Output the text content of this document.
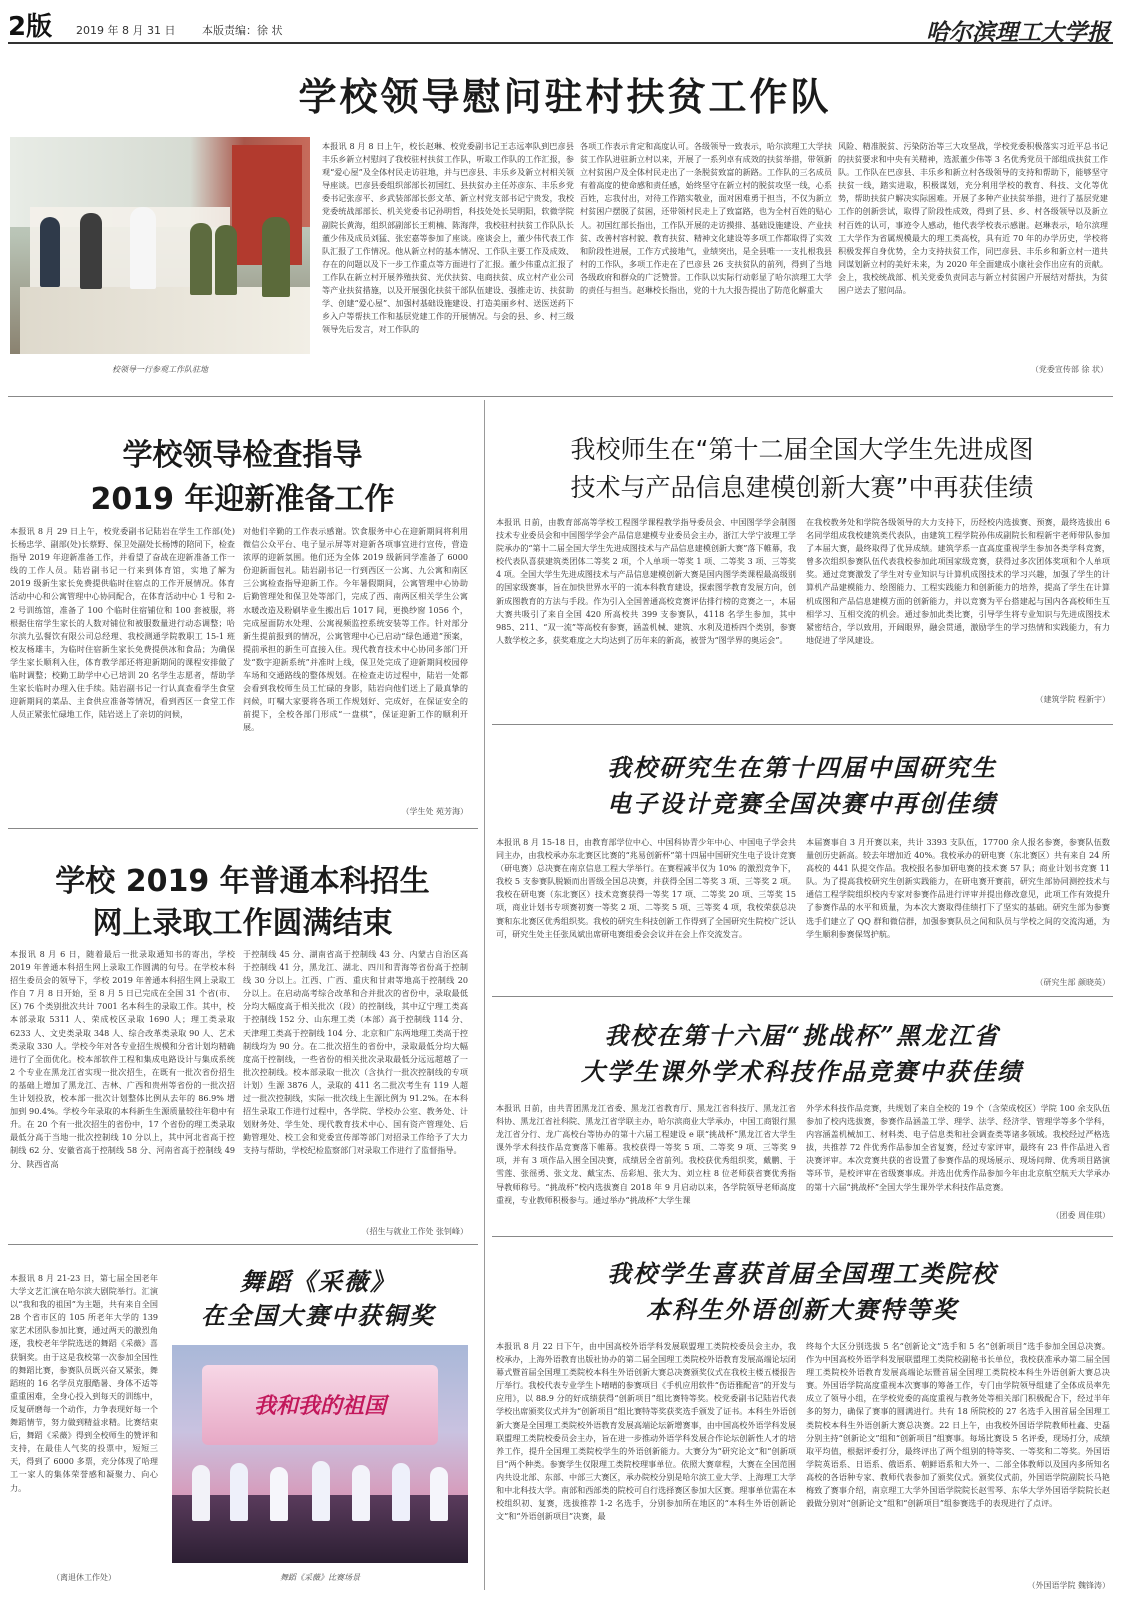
2版 2019 年 8 月 31 日 本版责编：徐 状	哈尔滨理工大学报
学校领导慰问驻村扶贫工作队
校领导一行参观工作队驻地
本报讯 8 月 8 日上午，校长赵琳、校党委副书记王志远率队到巴彦县丰乐乡新立村慰问了我校驻村扶贫工作队，听取工作队的工作汇报，参观“爱心屋”及全体村民走访驻地，并与巴彦县、丰乐乡及新立村相关领导座谈。巴彦县委组织部部长初国红、县扶贫办主任苏彦东、丰乐乡党委书记张彦平、乡武装部部长彭文革、新立村党支部书记宁贵发，我校党委统战部部长、机关党委书记孙明哲，科技处处长吴明阳，软微学院副院长黄海，组织部副部长王莉楠、陈海萍，我校驻村扶贫工作队队长董少伟及成员刘猛、张宏嘉等参加了座谈。座谈会上，董少伟代表工作队汇报了工作情况。他从新立村的基本情况、工作队主要工作及成效、存在的问题以及下一步工作重点等方面进行了汇报。董少伟重点汇报了工作队在新立村开展养殖扶贫、光伏扶贫、电商扶贫、成立村产业公司等产业扶贫措施，以及开展强化扶贫干部队伍建设、强推走访、扶贫助学、创建“爱心屋”、加强村基础设施建设、打造美丽乡村、送医送药下乡入户等帮扶工作和基层党建工作的开展情况。与会的县、乡、村三级领导先后发言，对工作队的
各项工作表示肯定和高度认可。各级领导一致表示，哈尔滨理工大学扶贫工作队进驻新立村以来，开展了一系列卓有成效的扶贫举措，带领新立村贫困户及全体村民走出了一条脱贫致富的新路。工作队的三名成员有着高度的使命感和责任感，始终坚守在新立村的脱贫攻坚一线，心系百姓，忘我付出，对待工作踏实敬业，面对困难勇于担当，不仅为新立村贫困户摆脱了贫困，还带领村民走上了致富路，也为全村百姓的贴心人。初国红部长指出，工作队开展的走访摸排、基础设施建设、产业扶贫、改善村容村貌、教育扶贫、精神文化建设等多项工作都取得了实效和阶段性进展，工作方式接地气，业绩突出，是全县唯一一支扎根我县村的工作队，多项工作走在了巴彦县 26 支扶贫队的前列，得到了当地各级政府和群众的广泛赞誉。工作队以实际行动彰显了哈尔滨理工大学的责任与担当。赵琳校长指出，党的十九大报告提出了防范化解重大
风险、精准脱贫、污染防治等三大攻坚战，学校党委积极落实习近平总书记的扶贫要求和中央有关精神，选派董少伟等 3 名优秀党员干部组成扶贫工作队。工作队在巴彦县、丰乐乡和新立村各级领导的支持和帮助下，能够坚守扶贫一线，踏实进取，积极谋划，充分利用学校的教育、科技、文化等优势，帮助扶贫户解决实际困难。开展了多种产业扶贫举措，进行了基层党建工作的创新尝试，取得了阶段性成效，得到了县、乡、村各级领导以及新立村百姓的认可，事迹令人感动，他代表学校表示感谢。赵琳表示，哈尔滨理工大学作为省属规模最大的理工类高校，具有近 70 年的办学历史，学校将积极发挥自身优势，全力支持扶贫工作，同巴彦县、丰乐乡和新立村一道共同谋划新立村的美好未来，为 2020 年全面建成小康社会作出应有的贡献。会上，我校统战部、机关党委负责同志与新立村贫困户开展结对帮扶，为贫困户送去了慰问品。
（党委宣传部 徐 状）
学校领导检查指导
2019 年迎新准备工作
本报讯 8 月 29 日上午，校党委副书记陆岩在学生工作部(处)长杨忠学、副部(处)长蔡野、保卫处副处长杨博的陪同下，检查指导 2019 年迎新准备工作，并看望了奋战在迎新准备工作一线的工作人员。陆岩副书记一行来到体育馆，实地了解为 2019 级新生家长免费提供临时住宿点的工作开展情况。体育活动中心和公寓管理中心协同配合，在体育活动中心 1 号和 2-2 号训练馆，准备了 100 个临时住宿铺位和 100 套被服，将根据住宿学生家长的人数对铺位和被服数量进行动态调整；哈尔滨九弘餐饮有限公司总经理、我校测通学院教职工 15-1 班校友杨雄丰，为临时住宿新生家长免费提供冰和食品；为确保学生家长顺利入住，体育教学部还将迎新期间的课程安排做了临时调整；校勤工助学中心已培训 20 名学生志愿者，帮助学生家长临时办理入住手续。陆岩副书记一行认真查看学生食堂迎新期间的菜品、主食供应准备等情况，看到西区一食堂工作人员正紧张忙碌地工作，陆岩送上了亲切的问候，
对他们辛勤的工作表示感谢。饮食服务中心在迎新期间将利用微信公众平台、电子显示屏等对迎新各项事宜进行宣传，营造浓厚的迎新氛围。他们还为全体 2019 级新同学准备了 6000 份迎新面包礼。陆岩副书记一行到西区一公寓、九公寓和南区三公寓检查指导迎新工作。今年暑假期间，公寓管理中心协助后勤管理处和保卫处等部门，完成了西、南两区相关学生公寓水暖改造及粉刷毕业生搬出后 1017 间，更换纱窗 1056 个，完成屋面防水处理、公寓视频监控系统安装等工作。针对部分新生提前报到的情况，公寓管理中心已启动“绿色通道”预案，提前承担的新生可直接入住。现代教育技术中心协同多部门开发“数字迎新系统”并准时上线，保卫处完成了迎新期间校园停车场和交通路线的整体规划。在检查走访过程中，陆岩一处都会看到我校师生员工忙碌的身影，陆岩向他们送上了最真挚的问候，叮嘱大家要将各项工作规划好、完成好，在保证安全的前提下，全校各部门形成“一盘棋”，保证迎新工作的顺利开展。
（学生处 苑芳海）
学校 2019 年普通本科招生
网上录取工作圆满结束
本报讯 8 月 6 日，随着最后一批录取通知书的寄出，学校 2019 年普通本科招生网上录取工作圆满的句号。在学校本科招生委员会的领导下，学校 2019 年普通本科招生网上录取工作自 7 月 8 日开始，至 8 月 5 日已完成在全国 31 个省(市、区) 76 个类别批次共计 7001 名本科生的录取工作。其中，校本部录取 5311 人、荣成校区录取 1690 人；理工类录取 6233 人、文史类录取 348 人、综合改革类录取 90 人、艺术类录取 330 人。学校今年对各专业招生规模和分省计划均精确进行了全面优化。校本部软件工程和集成电路设计与集成系统 2 个专业在黑龙江省实现一批次招生，在既有一批次省份招生的基础上增加了黑龙江、吉林、广西和贵州等省份的一批次招生计划投放，校本部一批次计划整体比例从去年的 86.9% 增加到 90.4%。学校今年录取的本科新生生源质量较往年稳中有升。在 20 个有一批次招生的省份中，17 个省份的理工类录取最低分高于当地一批次控制线 10 分以上，其中河北省高于控制线 62 分、安徽省高于控制线 58 分、河南省高于控制线 49 分、陕西省高
于控制线 45 分、湖南省高于控制线 43 分、内蒙古自治区高于控制线 41 分，黑龙江、湖北、四川和青海等省份高于控制线 30 分以上。江西、广西、重庆和甘肃等地高于控制线 20 分以上。在启动高考综合改革和合并批次的省份中，录取最低分均大幅度高于相关批次（段）的控制线，其中辽宁理工类高于控制线 152 分、山东理工类（本部）高于控制线 114 分、天津理工类高于控制线 104 分、北京和广东两地理工类高于控制线均为 90 分。在二批次招生的省份中，录取最低分均大幅度高于控制线，一些省份的相关批次录取最低分远远超越了一批次控制线。校本部录取一批次（含执行一批次控制线的专项计划）生源 3876 人，录取的 411 名二批次考生有 119 人超过一批次控制线，实际一批次线上生源比例为 91.2%。在本科招生录取工作进行过程中，各学院、学校办公室、教务处、计划财务处、学生处、现代教育技术中心、国有资产管理处、后勤管理处、校工会和党委宣传部等部门对招录工作给予了大力支持与帮助，学校纪检监察部门对录取工作进行了监督指导。
（招生与就业工作处 张钊峰）
本报讯 8 月 21-23 日，第七届全国老年大学文艺汇演在哈尔滨大剧院举行。汇演以“我和我的祖国”为主题，共有来自全国 28 个省市区的 105 所老年大学的 139 家艺术团队参加比赛，通过两天的激烈角逐，我校老年学院选送的舞蹈《采薇》喜获铜奖。由于这是我校第一次参加全国性的舞蹈比赛，参赛队员既兴奋又紧张，舞蹈班的 16 名学员克服酷暑、身体不适等重重困难，全身心投入到每天的训练中，反复研磨每一个动作，力争表现好每一个舞蹈情节，努力做到精益求精。比赛结束后，舞蹈《采薇》得到全校师生的赞评和支持，在最佳人气奖的投票中，短短三天，得到了 6000 多票，充分体现了哈理工一家人的集体荣誉感和凝聚力、向心力。
（离退休工作处）
舞蹈《采薇》
在全国大赛中获铜奖
我和我的祖国
舞蹈《采薇》比赛场景
我校师生在“第十二届全国大学生先进成图
技术与产品信息建模创新大赛”中再获佳绩
本报讯 日前，由教育部高等学校工程图学课程教学指导委员会、中国图学学会制图技术专业委员会和中国图学学会产品信息建模专业委员会主办，浙江大学宁波理工学院承办的“第十二届全国大学生先进成图技术与产品信息建模创新大赛”落下帷幕，我校代表队喜获建筑类团体二等奖 2 项，个人单项一等奖 1 项、二等奖 3 项、三等奖 4 项。全国大学生先进成图技术与产品信息建模创新大赛是国内图学类课程最高级别的国家级赛事，旨在加快世界水平的一流本科教育建设，探索图学教育发展方向，创新成图教育的方法与手段。作为引入全国普通高校竞赛评估排行榜的竞赛之一，本届大赛共吸引了来自全国 420 所高校共 399 支参赛队，4118 名学生参加，其中 985、211、“双一流”等高校有参赛，涵盖机械、建筑、水利及道桥四个类别，参赛人数学校之多，获奖难度之大均达到了历年来的新高，被誉为“图学界的奥运会”。
在我校教务处和学院各级领导的大力支持下，历经校内选拔赛、预赛，最终选拔出 6 名同学组成我校建筑类代表队，由建筑工程学院孙伟成副院长和程新宇老师带队参加了本届大赛，最终取得了优异成绩。建筑学系一直高度重视学生参加各类学科竞赛，曾多次组织参赛队伍代表我校参加此项国家级竞赛，获得过多次团体奖项和个人单项奖。通过竞赛激发了学生对专业知识与计算机成图技术的学习兴趣，加强了学生的计算机产品建模能力、绘图能力、工程实践能力和创新能力的培养，提高了学生在计算机成图和产品信息建模方面的创新能力，并以竞赛为平台搭建起与国内各高校师生互相学习、互相交流的机会。通过参加此类比赛，引导学生将专业知识与先进成图技术紧密结合，学以致用，开阔眼界，融会贯通，激励学生的学习热情和实践能力，有力地促进了学风建设。
（建筑学院 程新宇）
我校研究生在第十四届中国研究生
电子设计竞赛全国决赛中再创佳绩
本报讯 8 月 15-18 日，由教育部学位中心、中国科协青少年中心、中国电子学会共同主办，由我校承办东北赛区比赛的“兆易创新杯”第十四届中国研究生电子设计竞赛（研电赛）总决赛在南京信息工程大学举行。在赛程减半仅为 10% 的激烈竞争下，我校 5 支参赛队脱颖而出晋级全国总决赛，并获得全国二等奖 3 项、三等奖 2 项。我校在研电赛（东北赛区）技术竞赛获得一等奖 17 项、二等奖 20 项、三等奖 15 项，商业计划书专项赛初赛一等奖 2 项、二等奖 5 项、三等奖 4 项，我校荣获总决赛和东北赛区优秀组织奖。我校的研究生科技创新工作得到了全国研究生院校广泛认可，研究生处主任张凤斌出席研电赛组委会会议并在会上作交流发言。
本届赛事自 3 月开赛以来，共计 3393 支队伍，17700 余人报名参赛，参赛队伍数量创历史新高。较去年增加近 40%。我校承办的研电赛（东北赛区）共有来自 24 所高校的 441 队提交作品。我校报名参加研电赛的技术赛 57 队；商业计划书竞赛 11 队。为了提高我校研究生创新实践能力，在研电赛开赛前，研究生部协同测控技术与通信工程学院组织校内专家对参赛作品进行评审并提出修改意见，此项工作有效提升了参赛作品的水平和质量，为本次大赛取得佳绩打下了坚实的基础。研究生部为参赛选手们建立了 QQ 群和微信群，加强参赛队员之间和队员与学校之间的交流沟通，为学生顺利参赛保驾护航。
（研究生部 颜晓英）
我校在第十六届“挑战杯”黑龙江省
大学生课外学术科技作品竞赛中获佳绩
本报讯 日前，由共青团黑龙江省委、黑龙江省教育厅、黑龙江省科技厅、黑龙江省科协、黑龙江省社科院、黑龙江省学联主办，哈尔滨商业大学承办，中国工商银行黑龙江省分行、龙广高校台等协办的第十六届工程建设 e 联“挑战杯”黑龙江省大学生课外学术科技作品竞赛落下帷幕。我校获得一等奖 5 项、二等奖 9 项、三等奖 9 项，并有 3 项作品入围全国决赛，成绩居全省前列。我校获优秀组织奖，戴鹏、于雪莲、张徭勇、张文龙、戴宝杰、岳彩旭、张大为、刘立柱 8 位老师获省赛优秀指导教师称号。“挑战杯”校内选拔赛自 2018 年 9 月启动以来，各学院领导老师高度重视，专业教师积极参与。通过举办“挑战杯”大学生课
外学术科技作品竞赛，共规划了来自全校的 19 个（含荣成校区）学院 100 余支队伍参加了校内选拔赛，参赛作品涵盖工学、理学、法学、经济学、管理学等多个学科，内容涵盖机械加工、材料类、电子信息类和社会调查类等诸多领域。我校经过严格选拔，共推荐 72 件优秀作品参加全省复赛，经过专家评审，最终有 23 件作品进入省决赛评审。本次竞赛共获的省设置了参赛作品的现场展示、现场问辩、优秀项目路演等环节，是校评审在省级赛事成。并选出优秀作品参加今年由北京航空航天大学承办的第十六届“挑战杯”全国大学生课外学术科技作品竞赛。
（团委 周佳琪）
我校学生喜获首届全国理工类院校
本科生外语创新大赛特等奖
本报讯 8 月 22 日下午，由中国高校外语学科发展联盟理工类院校委员会主办，我校承办，上海外语教育出版社协办的第二届全国理工类院校外语教育发展高端论坛闭幕式暨首届全国理工类院校本科生外语创新大赛总决赛颁奖仪式在我校主楼五楼报告厅举行。我校代表专业学生卜晴晴的参赛项目《手机应用软件“伤语雅配音”的开发与应用》，以 88.9 分的好成绩获得“创新项目”组比赛特等奖。校党委副书记陆岩代表学校出席颁奖仪式并为“创新项目”组比赛特等奖获奖选手颁发了证书。本科生外语创新大赛是全国理工类院校外语教育发展高端论坛新增赛事，由中国高校外语学科发展联盟理工类院校委员会主办，旨在进一步推动外语学科发展合作论坛创新性人才的培养工作，提升全国理工类院校学生的外语创新能力。大赛分为“研究论文”和“创新项目”两个种类。参赛学生仅限理工类院校理事单位。依照大赛章程，大赛在全国范围内共设北部、东部、中部三大赛区，承办院校分别是哈尔滨工业大学、上海理工大学和中北科技大学。南部和西部类的院校可自行选择赛区参加大区赛。理事单位需在本校组织初、复赛，选拔推荐 1-2 名选手，分别参加所在地区的“本科生外语创新论文”和“外语创新项目”决赛，最
终每个大区分别选拔 5 名“创新论文”选手和 5 名“创新项目”选手参加全国总决赛。作为中国高校外语学科发展联盟理工类院校副秘书长单位，我校获准承办第二届全国理工类院校外语教育发展高端论坛暨首届全国理工类院校本科生外语创新大赛总决赛。外国语学院高度重视本次赛事的筹备工作，专门由学院领导组建了全体成员率先成立了领导小组，在学校党委的高度重视与教务处等相关部门积极配合下，经过半年多的努力，确保了赛事的圆满进行。共有 18 所院校的 27 名选手入围首届全国理工类院校本科生外语创新大赛总决赛。22 日上午，由我校外国语学院教师杜鑫、史磊分别主持“创新论文”组和“创新项目”组赛事。每场比赛设 5 名评委，现场打分，成绩取平均值，根据评委打分，最终评出了两个组别的特等奖、一等奖和二等奖。外国语学院英语系、日语系、俄语系、朝鲜语系和大外一、二部全体教师以及国内多所知名高校的各语种专家、教师代表参加了颁奖仪式。颁奖仪式前，外国语学院副院长马艳梅致了赛事介绍，南京理工大学外国语学院院长赵雪琴、东华大学外国语学院院长赵毅做分别对“创新论文”组和“创新项目”组参赛选手的表现进行了点评。
（外国语学院 魏锋涛）
